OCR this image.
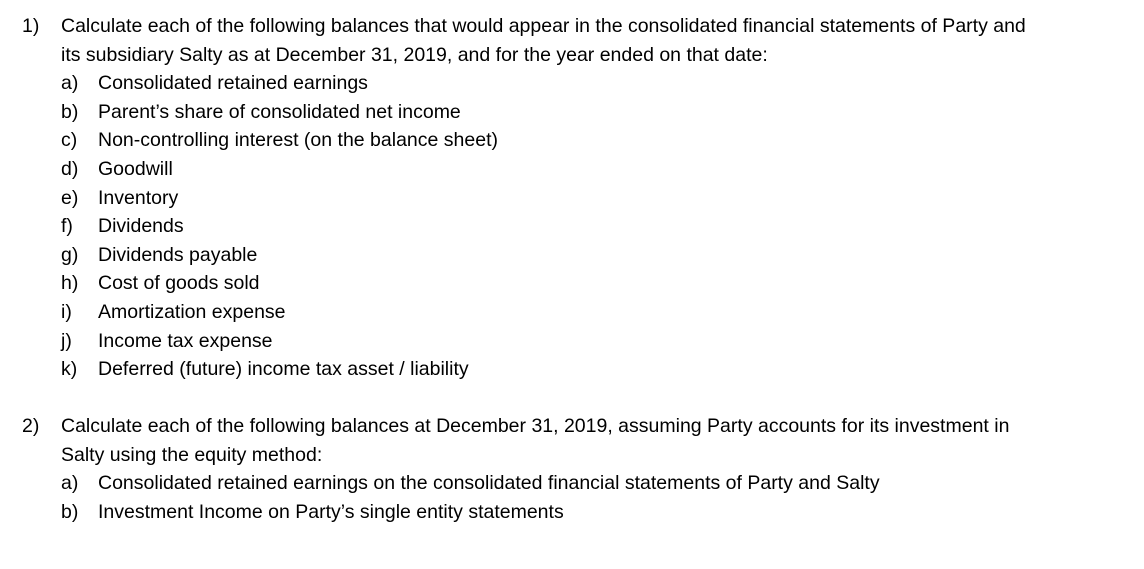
1) Calculate each of the following balances that would appear in the consolidated financial statements of Party and
its subsidiary Salty as at December 31, 2019, and for the year ended on that date:
a) Consolidated retained earnings
b) Parent’s share of consolidated net income
c) Non-controlling interest (on the balance sheet)
d) Goodwill
e) Inventory
f) Dividends
g) Dividends payable
h) Cost of goods sold
i) Amortization expense
j) Income tax expense
k) Deferred (future) income tax asset / liability
2) Calculate each of the following balances at December 31, 2019, assuming Party accounts for its investment in
Salty using the equity method:
a) Consolidated retained earnings on the consolidated financial statements of Party and Salty
b) Investment Income on Party’s single entity statements
